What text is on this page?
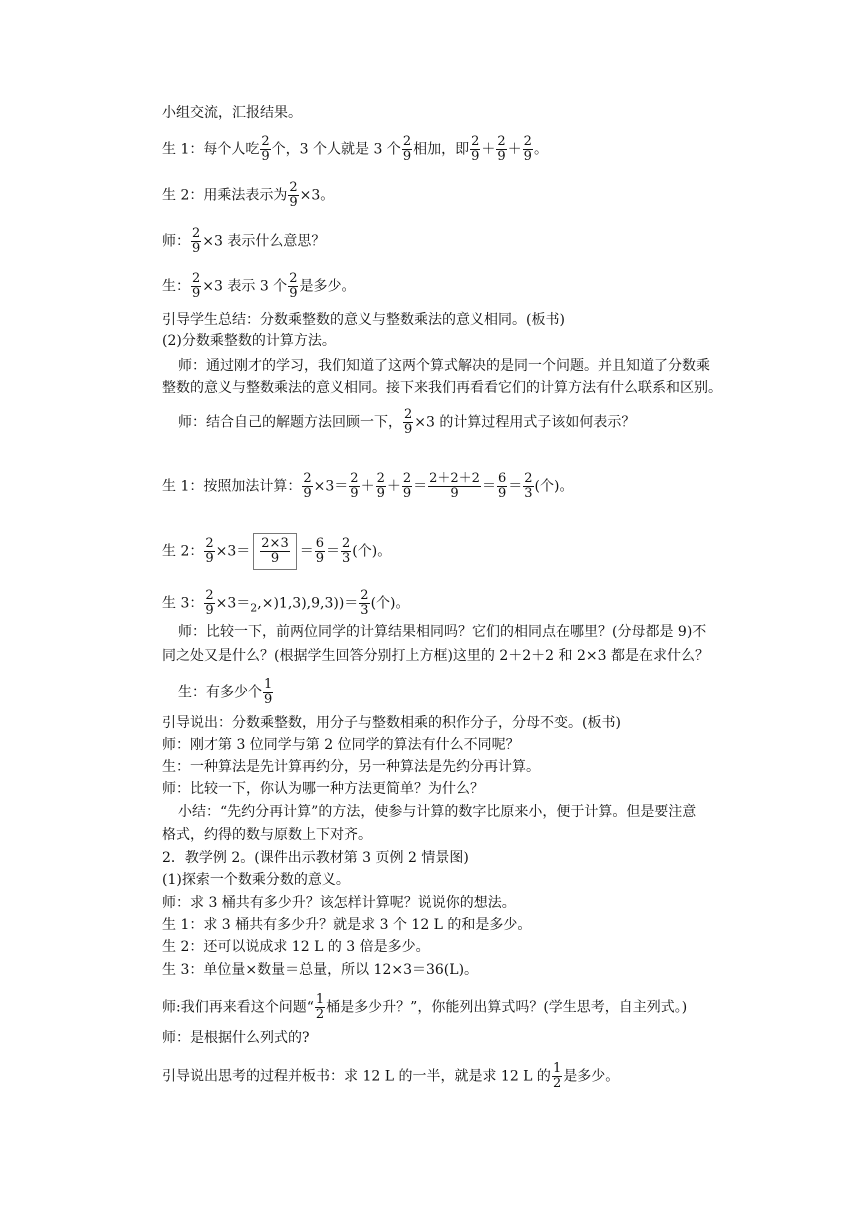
小组交流，汇报结果。
生 1：每个人吃 $\frac{2}{9}$ 个，3 个人就是 3 个 $\frac{2}{9}$ 相加，即 $\frac{2}{9} + \frac{2}{9} + \frac{2}{9}$ 。
生 2：用乘法表示为 $\frac{2}{9} \times 3$。
师： $\frac{2}{9} \times 3$ 表示什么意思？
生： $\frac{2}{9} \times 3$ 表示 3 个 $\frac{2}{9}$ 是多少。
引导学生总结：分数乘整数的意义与整数乘法的意义相同。(板书)
(2)分数乘整数的计算方法。
师：通过刚才的学习，我们知道了这两个算式解决的是同一个问题。并且知道了分数乘
整数的意义与整数乘法的意义相同。接下来我们再看看它们的计算方法有什么联系和区别。
师：结合自己的解题方法回顾一下， $\frac{2}{9} \times 3$ 的计算过程用式子该如何表示？
生 1：按照加法计算： $\frac{2}{9} \times 3= \frac{2}{9} + \frac{2}{9} + \frac{2}{9} = \frac{2+2+2}{9} = \frac{6}{9} = \frac{2}{3}$ (个)。
生 2： $\frac{2}{9} \times 3= \frac{2\times 3}{9} = \frac{6}{9} = \frac{2}{3}$ (个)。
生 3： $\frac{2}{9} \times 3=_2,\times)1,3),9,3))= \frac{2}{3}$ (个)。
师：比较一下，前两位同学的计算结果相同吗？它们的相同点在哪里？(分母都是 9)不
同之处又是什么？(根据学生回答分别打上方框)这里的 2＋2＋2 和 2×3 都是在求什么？
生：有多少个 $\frac{1}{9}$
引导说出：分数乘整数，用分子与整数相乘的积作分子，分母不变。(板书)
师：刚才第 3 位同学与第 2 位同学的算法有什么不同呢？
生：一种算法是先计算再约分，另一种算法是先约分再计算。
师：比较一下，你认为哪一种方法更简单？为什么？
小结：“先约分再计算”的方法，使参与计算的数字比原来小，便于计算。但是要注意
格式，约得的数与原数上下对齐。
2．教学例 2。(课件出示教材第 3 页例 2 情景图)
(1)探索一个数乘分数的意义。
师：求 3 桶共有多少升？该怎样计算呢？说说你的想法。
生 1：求 3 桶共有多少升？就是求 3 个 12 L 的和是多少。
生 2：还可以说成求 12 L 的 3 倍是多少。
生 3：单位量×数量＝总量，所以 12×3＝36(L)。
师:我们再来看这个问题“ $\frac{1}{2}$ 桶是多少升？”，你能列出算式吗？(学生思考，自主列式。)
师：是根据什么列式的?
引导说出思考的过程并板书：求 12 L 的一半，就是求 12 L 的 $\frac{1}{2}$ 是多少。
